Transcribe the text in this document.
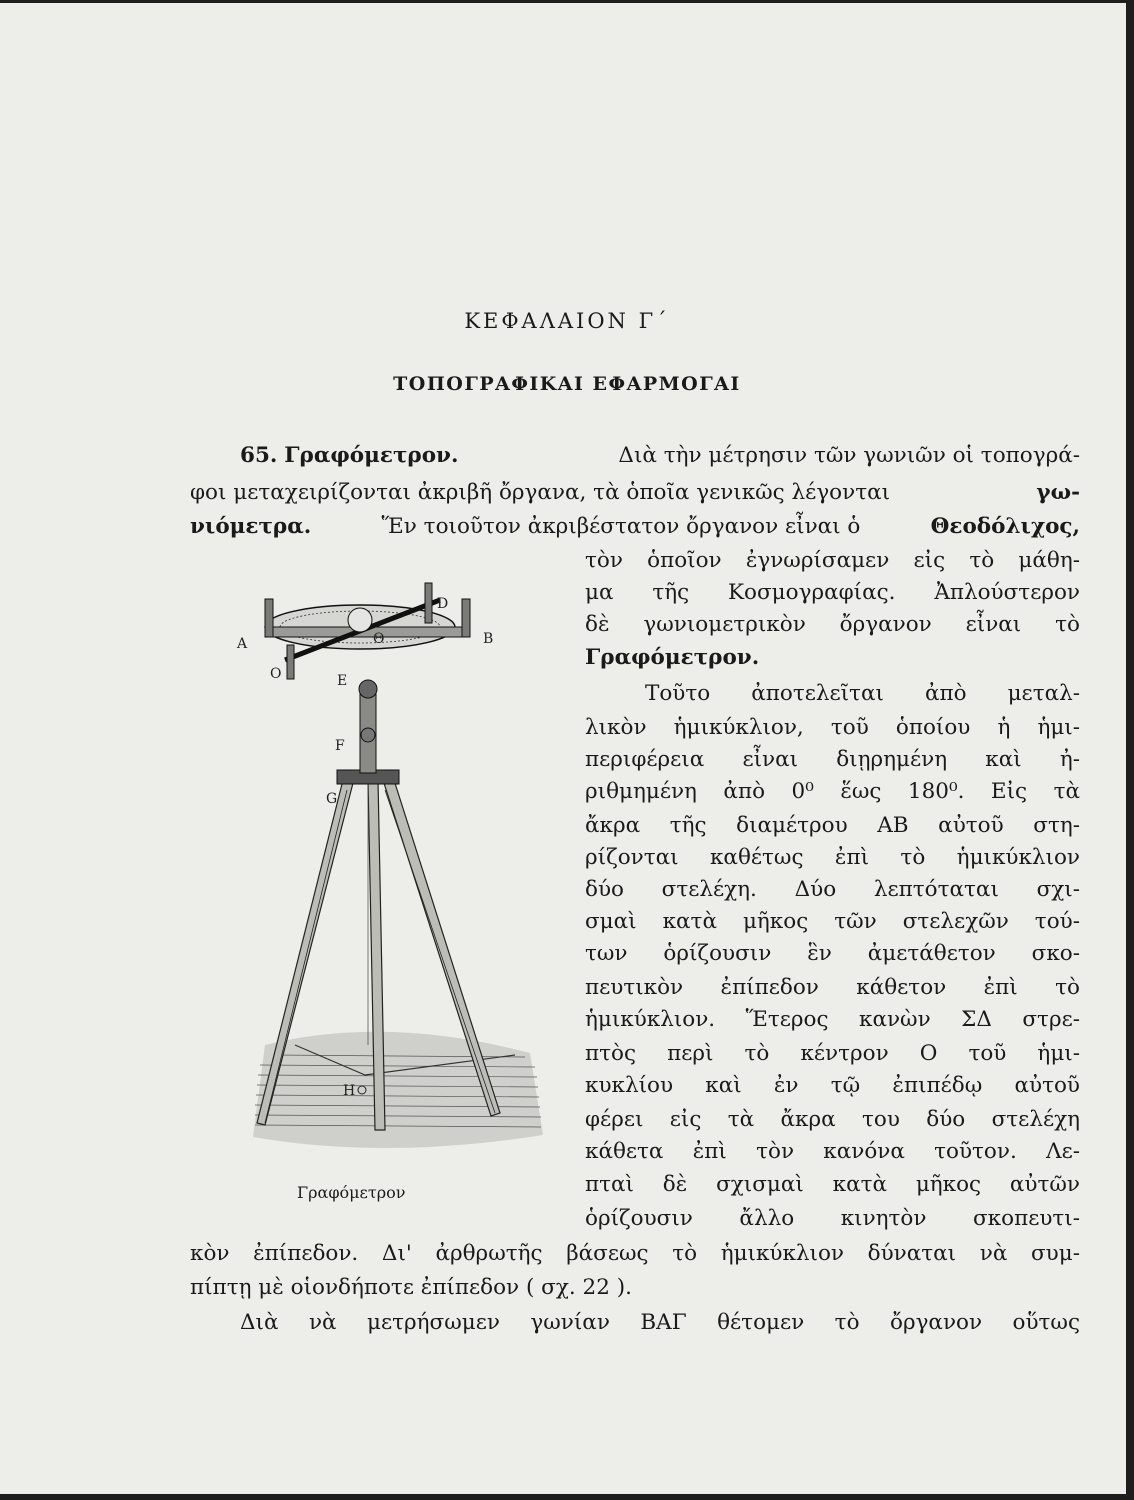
ΚΕΦΑΛΑΙΟΝ Γ΄
ΤΟΠΟΓΡΑΦΙΚΑΙ ΕΦΑΡΜΟΓΑΙ
65. Γραφόμετρον.	Διὰ τὴν μέτρησιν τῶν γωνιῶν οἱ τοπογρά-
φοι μεταχειρίζονται ἀκριβῆ ὄργανα, τὰ ὁποῖα γενικῶς λέγονται	γω-
νιόμετρα.	Ἕν τοιοῦτον ἀκριβέστατον ὄργανον εἶναι ὁ	Θεοδόλιχος,
τὸν ὁποῖον ἐγνωρίσαμεν εἰς τὸ μάθη-
μα τῆς Κοσμογραφίας. Ἀπλούστερον
δὲ γωνιομετρικὸν ὄργανον εἶναι τὸ
Γραφόμετρον.
Τοῦτο ἀποτελεῖται ἀπὸ μεταλ-
λικὸν ἡμικύκλιον, τοῦ ὁποίου ἡ ἡμι-
περιφέρεια εἶναι διῃρημένη καὶ ἠ-
ριθμημένη ἀπὸ 0⁰ ἕως 180⁰. Εἰς τὰ
ἄκρα τῆς διαμέτρου ΑΒ αὐτοῦ στη-
ρίζονται καθέτως ἐπὶ τὸ ἡμικύκλιον
δύο στελέχη. Δύο λεπτόταται σχι-
σμαὶ κατὰ μῆκος τῶν στελεχῶν τού-
των ὁρίζουσιν ἓν ἀμετάθετον σκο-
πευτικὸν ἐπίπεδον κάθετον ἐπὶ τὸ
ἡμικύκλιον. Ἕτερος κανὼν ΣΔ στρε-
πτὸς περὶ τὸ κέντρον Ο τοῦ ἡμι-
κυκλίου καὶ ἐν τῷ ἐπιπέδῳ αὐτοῦ
φέρει εἰς τὰ ἄκρα του δύο στελέχη
κάθετα ἐπὶ τὸν κανόνα τοῦτον. Λε-
πταὶ δὲ σχισμαὶ κατὰ μῆκος αὐτῶν
ὁρίζουσιν ἄλλο κινητὸν σκοπευτι-
κὸν ἐπίπεδον. Δι' ἀρθρωτῆς βάσεως τὸ ἡμικύκλιον δύναται νὰ συμ-
πίπτῃ μὲ οἱονδήποτε ἐπίπεδον ( σχ. 22 ).
Διὰ νὰ μετρήσωμεν γωνίαν ΒΑΓ θέτομεν τὸ ὄργανον οὕτως
A	B
D
O
Θ
E
F
G
H
Γραφόμετρον
